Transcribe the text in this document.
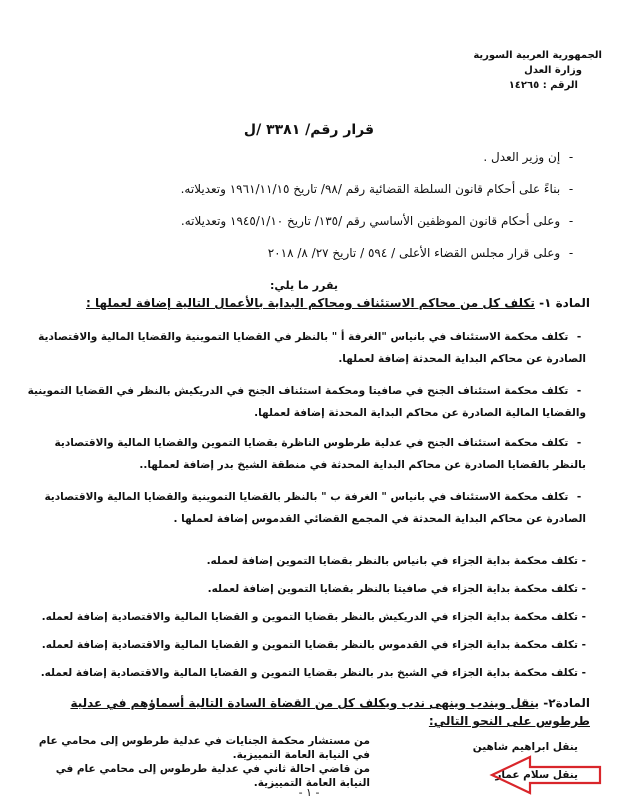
الجمهورية العربية السورية
وزارة العدل
الرقم : ١٤٢٦٥
قرار رقم/ ٣٣٨١ /ل
- إن وزير العدل .
- بناءً على أحكام قانون السلطة القضائية رقم /٩٨/ تاريخ ١٩٦١/١١/١٥ وتعديلاته.
- وعلى أحكام قانون الموظفين الأساسي رقم /١٣٥/ تاريخ ١٩٤٥/١/١٠ وتعديلاته.
- وعلى قرار مجلس القضاء الأعلى / ٥٩٤ / تاريخ ٢٧/ ٨/ ٢٠١٨
يقرر ما يلي:
المادة ١- تكلف كل من محاكم الاستئناف ومحاكم البداية بالأعمال التالية إضافة لعملها :
- تكلف محكمة الاستئناف في بانياس "الغرفة أ " بالنظر في القضايا التموينية والقضايا المالية والاقتصادية الصادرة عن محاكم البداية المحدثة إضافة لعملها.
- تكلف محكمة استئناف الجنح في صافيتا ومحكمة استئناف الجنح في الدريكيش بالنظر في القضايا التموينية والقضايا المالية الصادرة عن محاكم البداية المحدثة إضافة لعملها.
- تكلف محكمة استئناف الجنح في عدلية طرطوس الناظرة بقضايا التموين والقضايا المالية والاقتصادية بالنظر بالقضايا الصادرة عن محاكم البداية المحدثة في منطقة الشيخ بدر إضافة لعملها..
- تكلف محكمة الاستئناف في بانياس " الغرفة ب " بالنظر بالقضايا التموينية والقضايا المالية والاقتصادية الصادرة عن محاكم البداية المحدثة في المجمع القضائي القدموس إضافة لعملها .
- تكلف محكمة بداية الجزاء في بانياس بالنظر بقضايا التموين إضافة لعمله.
- تكلف محكمة بداية الجزاء في صافيتا بالنظر بقضايا التموين إضافة لعمله.
- تكلف محكمة بداية الجزاء في الدريكيش بالنظر بقضايا التموين و القضايا المالية والاقتصادية إضافة لعمله.
- تكلف محكمة بداية الجزاء في القدموس بالنظر بقضايا التموين و القضايا المالية والاقتصادية إضافة لعمله.
- تكلف محكمة بداية الجزاء في الشيخ بدر بالنظر بقضايا التموين و القضايا المالية والاقتصادية إضافة لعمله.
المادة٢- ينقل ويندب وينهى ندب ويكلف كل من القضاة السادة التالية أسماؤهم في عدلية طرطوس على النحو التالي:
ينقل ابراهيم شاهين
من مستشار محكمة الجنايات في عدلية طرطوس إلى محامي عام في النيابة العامة التمييزية.
ينقل سلام عمار
من قاضي احالة ثاني في عدلية طرطوس إلى محامي عام في النيابة العامة التمييزية.
- ١ -
